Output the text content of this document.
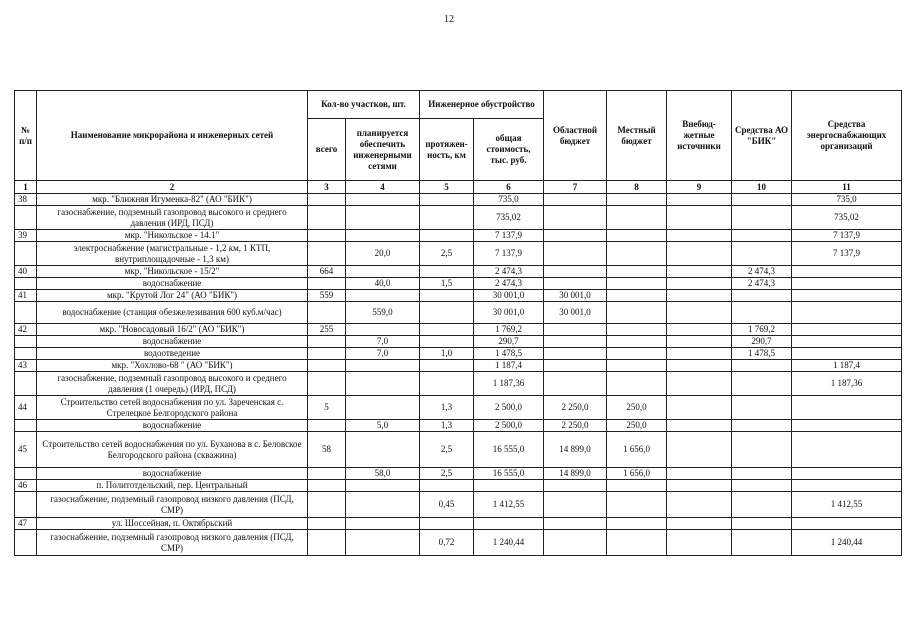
12
№ п/п	Наименование микрорайона и инженерных сетей	Кол-во участков, шт.		Инженерное обустройство		Областной бюджет	Местный бюджет	Внебюд-жетные источники	Средства АО "БИК"	Средства энергоснабжающих организаций
		всего	планируется обеспечить инженерными сетями	протяжен-ность, км	общая стоимость, тыс. руб.					
1	2	3	4	5	6	7	8	9	10	11
38	мкр. "Ближняя Игуменка-82" (АО "БИК")				735,0					735,0
	газоснабжение, подземный газопровод высокого и среднего давления (ИРД, ПСД)				735,02					735,02
39	мкр. "Никольское - 14.1"				7 137,9					7 137,9
	электроснабжение (магистральные - 1,2 км, 1 КТП, внутриплощадочные - 1,3 км)		20,0	2,5	7 137,9					7 137,9
40	мкр. "Никольское - 15/2"	664			2 474,3				2 474,3	
	водоснабжение		40,0	1,5	2 474,3				2 474,3	
41	мкр. "Крутой Лог 24" (АО "БИК")	559			30 001,0	30 001,0				
	водоснабжение (станция обезжелезивания 600 куб.м/час)		559,0		30 001,0	30 001,0				
42	мкр. "Новосадовый 16/2" (АО "БИК")	255			1 769,2				1 769,2	
	водоснабжение		7,0		290,7				290,7	
	водоотведение		7,0	1,0	1 478,5				1 478,5	
43	мкр. "Хохлово-68 " (АО "БИК")				1 187,4					1 187,4
	газоснабжение, подземный газопровод высокого и среднего давления (1 очередь) (ИРД, ПСД)				1 187,36					1 187,36
44	Строительство сетей водоснабжения по ул. Зареченская с. Стрелецкое Белгородского района	5		1,3	2 500,0	2 250,0	250,0			
	водоснабжение		5,0	1,3	2 500,0	2 250,0	250,0			
45	Строительство сетей водоснабжения по ул. Буханова в с. Беловское Белгородского района (скважина)	58		2,5	16 555,0	14 899,0	1 656,0			
	водоснабжение		58,0	2,5	16 555,0	14 899,0	1 656,0			
46	п. Политотдельский, пер. Центральный									
	газоснабжение, подземный газопровод низкого давления (ПСД, СМР)			0,45	1 412,55					1 412,55
47	ул. Шоссейная, п. Октябрьский									
	газоснабжение, подземный газопровод низкого давления (ПСД, СМР)			0,72	1 240,44					1 240,44
